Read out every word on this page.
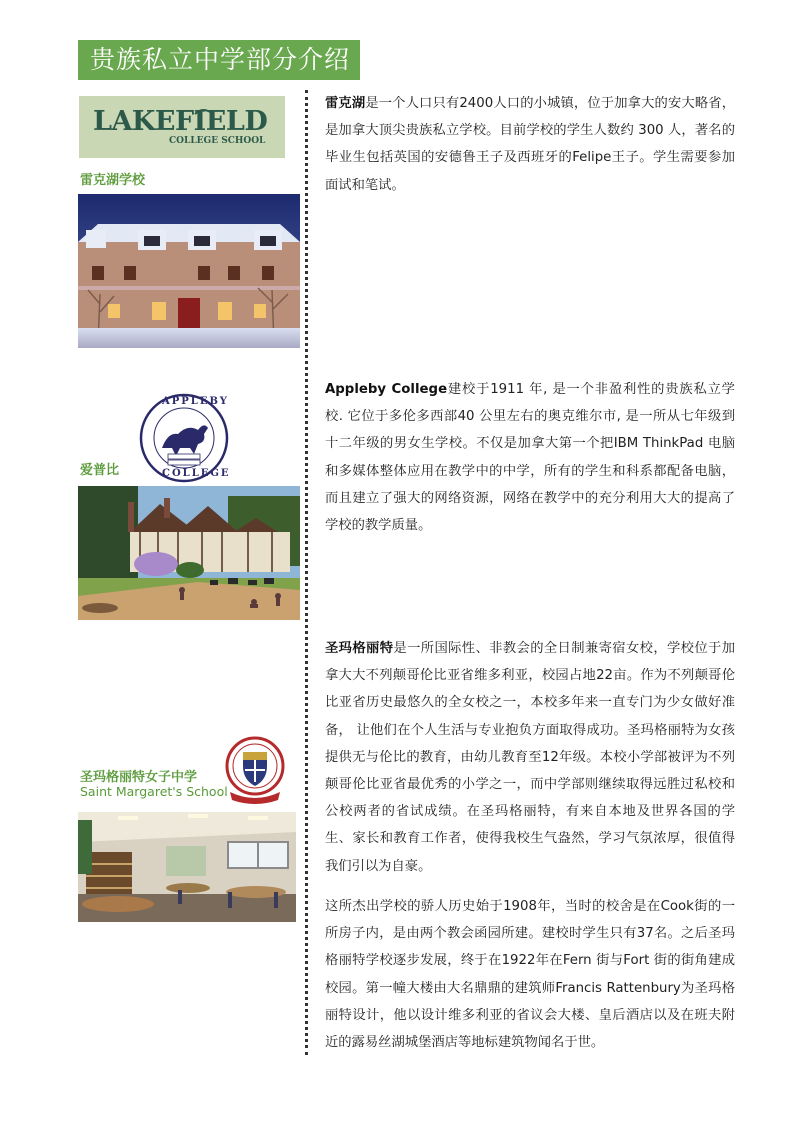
贵族私立中学部分介绍
LAKEFIELD
COLLEGE SCHOOL
雷克湖学校
雷克湖是一个人口只有2400人口的小城镇，位于加拿大的安大略省，是加拿大顶尖贵族私立学校。目前学校的学生人数约 300 人，著名的毕业生包括英国的安德鲁王子及西班牙的Felipe王子。学生需要参加面试和笔试。
APPLEBY
COLLEGE
爱普比
Appleby College建校于1911 年, 是一个非盈利性的贵族私立学校. 它位于多伦多西部40 公里左右的奥克维尔市, 是一所从七年级到十二年级的男女生学校。不仅是加拿大第一个把IBM ThinkPad 电脑和多媒体整体应用在教学中的中学，所有的学生和科系都配备电脑，而且建立了强大的网络资源，网络在教学中的充分利用大大的提高了学校的教学质量。
圣玛格丽特女子中学
Saint Margaret's School
圣玛格丽特是一所国际性、非教会的全日制兼寄宿女校，学校位于加拿大大不列颠哥伦比亚省维多利亚，校园占地22亩。作为不列颠哥伦比亚省历史最悠久的全女校之一，本校多年来一直专门为少女做好准备， 让他们在个人生活与专业抱负方面取得成功。圣玛格丽特为女孩提供无与伦比的教育，由幼儿教育至12年级。本校小学部被评为不列颠哥伦比亚省最优秀的小学之一，而中学部则继续取得远胜过私校和公校两者的省试成绩。在圣玛格丽特，有来自本地及世界各国的学生、家长和教育工作者，使得我校生气盎然，学习气氛浓厚，很值得我们引以为自豪。
这所杰出学校的骄人历史始于1908年，当时的校舍是在Cook街的一所房子内，是由两个教会函园所建。建校时学生只有37名。之后圣玛格丽特学校逐步发展，终于在1922年在Fern 街与Fort 街的街角建成校园。第一幢大楼由大名鼎鼎的建筑师Francis Rattenbury为圣玛格丽特设计，他以设计维多利亚的省议会大楼、皇后酒店以及在班夫附近的露易丝湖城堡酒店等地标建筑物闻名于世。
